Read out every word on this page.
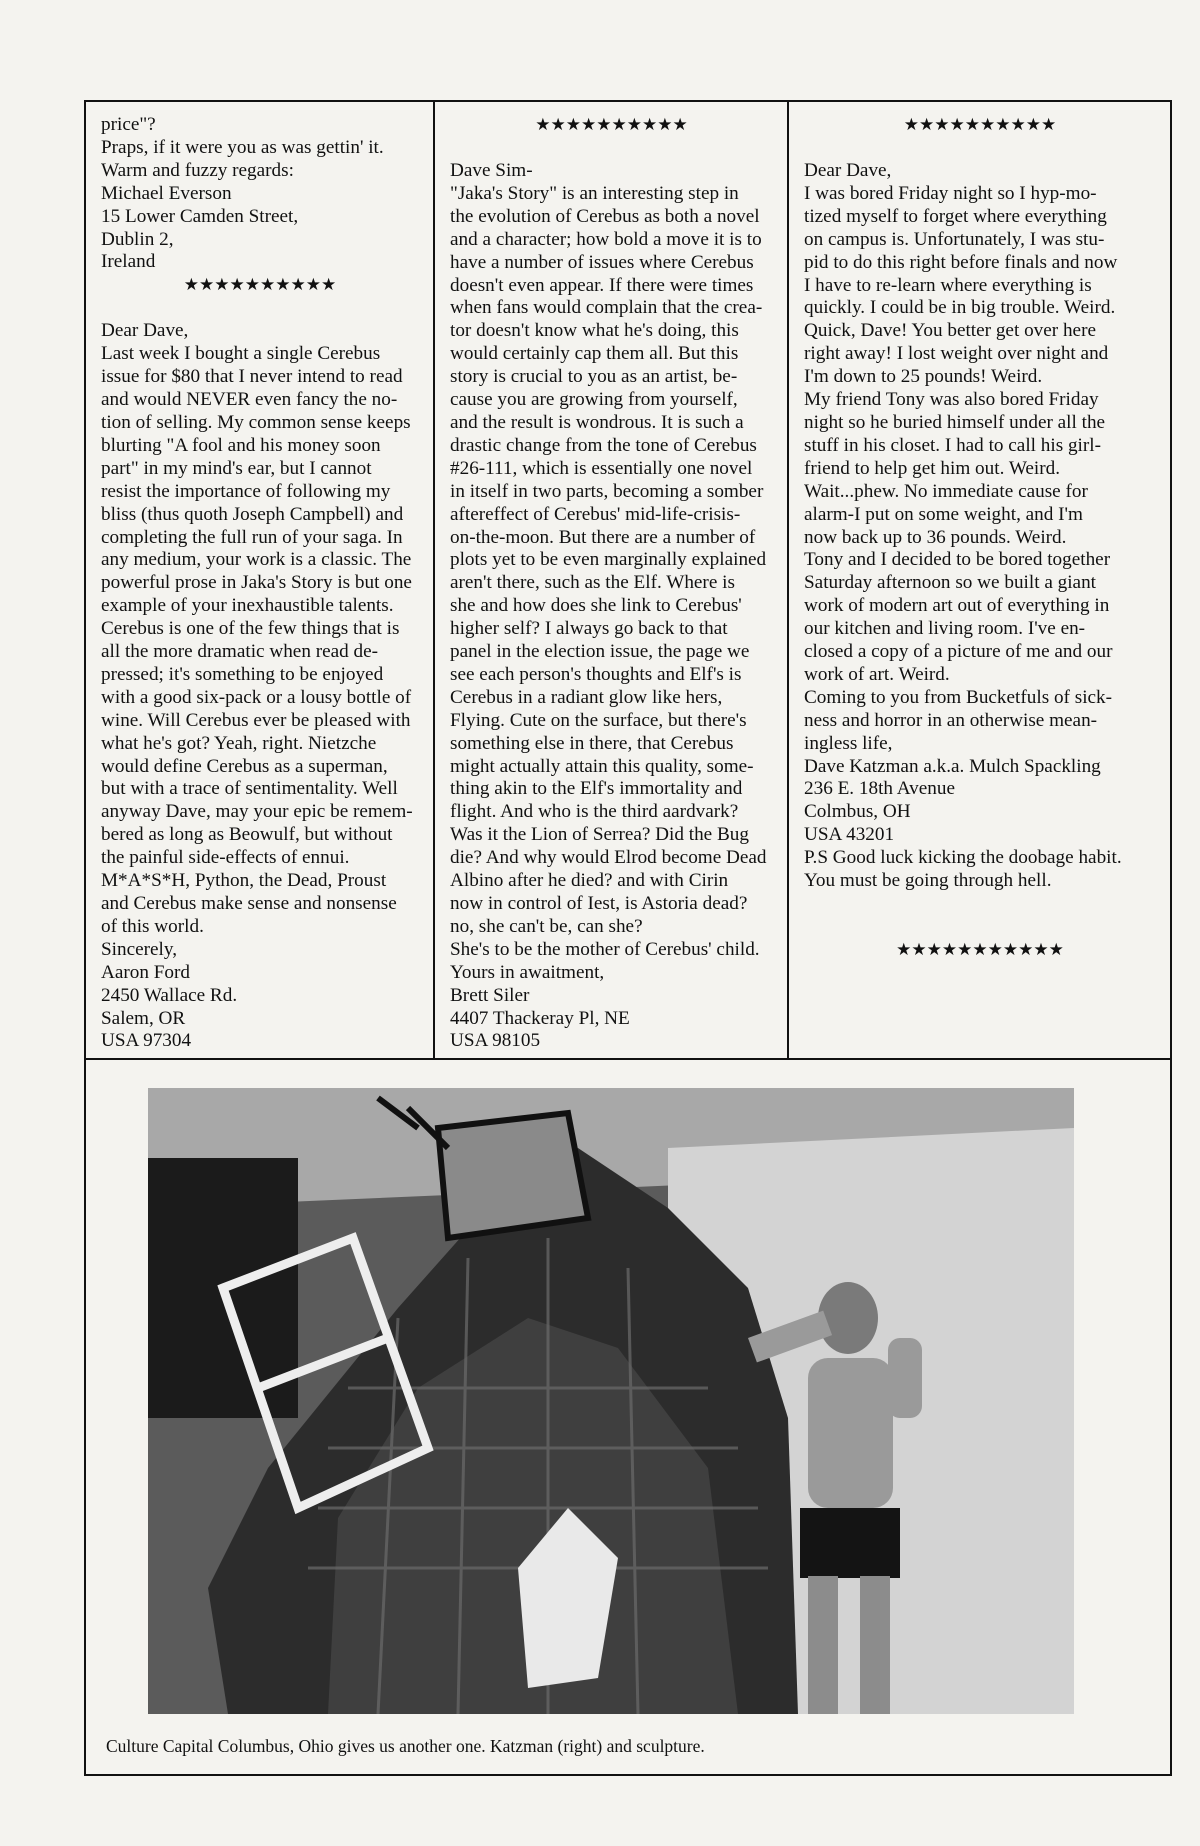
price"?
Praps, if it were you as was gettin' it.
Warm and fuzzy regards:
Michael Everson
15 Lower Camden Street,
Dublin 2,
Ireland
★★★★★★★★★★
Dear Dave,
Last week I bought a single Cerebus
issue for $80 that I never intend to read
and would NEVER even fancy the no-
tion of selling. My common sense keeps
blurting "A fool and his money soon
part" in my mind's ear, but I cannot
resist the importance of following my
bliss (thus quoth Joseph Campbell) and
completing the full run of your saga. In
any medium, your work is a classic. The
powerful prose in Jaka's Story is but one
example of your inexhaustible talents.
Cerebus is one of the few things that is
all the more dramatic when read de-
pressed; it's something to be enjoyed
with a good six-pack or a lousy bottle of
wine. Will Cerebus ever be pleased with
what he's got? Yeah, right. Nietzche
would define Cerebus as a superman,
but with a trace of sentimentality. Well
anyway Dave, may your epic be remem-
bered as long as Beowulf, but without
the painful side-effects of ennui.
M*A*S*H, Python, the Dead, Proust
and Cerebus make sense and nonsense
of this world.
Sincerely,
Aaron Ford
2450 Wallace Rd.
Salem, OR
USA 97304
★★★★★★★★★★
Dave Sim-
"Jaka's Story" is an interesting step in
the evolution of Cerebus as both a novel
and a character; how bold a move it is to
have a number of issues where Cerebus
doesn't even appear. If there were times
when fans would complain that the crea-
tor doesn't know what he's doing, this
would certainly cap them all. But this
story is crucial to you as an artist, be-
cause you are growing from yourself,
and the result is wondrous. It is such a
drastic change from the tone of Cerebus
#26-111, which is essentially one novel
in itself in two parts, becoming a somber
aftereffect of Cerebus' mid-life-crisis-
on-the-moon. But there are a number of
plots yet to be even marginally explained
aren't there, such as the Elf. Where is
she and how does she link to Cerebus'
higher self? I always go back to that
panel in the election issue, the page we
see each person's thoughts and Elf's is
Cerebus in a radiant glow like hers,
Flying. Cute on the surface, but there's
something else in there, that Cerebus
might actually attain this quality, some-
thing akin to the Elf's immortality and
flight. And who is the third aardvark?
Was it the Lion of Serrea? Did the Bug
die? And why would Elrod become Dead
Albino after he died? and with Cirin
now in control of Iest, is Astoria dead?
no, she can't be, can she?
She's to be the mother of Cerebus' child.
Yours in awaitment,
Brett Siler
4407 Thackeray Pl, NE
USA 98105
★★★★★★★★★★
Dear Dave,
I was bored Friday night so I hyp-mo-
tized myself to forget where everything
on campus is. Unfortunately, I was stu-
pid to do this right before finals and now
I have to re-learn where everything is
quickly. I could be in big trouble. Weird.
Quick, Dave! You better get over here
right away! I lost weight over night and
I'm down to 25 pounds! Weird.
My friend Tony was also bored Friday
night so he buried himself under all the
stuff in his closet. I had to call his girl-
friend to help get him out. Weird.
Wait...phew. No immediate cause for
alarm-I put on some weight, and I'm
now back up to 36 pounds. Weird.
Tony and I decided to be bored together
Saturday afternoon so we built a giant
work of modern art out of everything in
our kitchen and living room. I've en-
closed a copy of a picture of me and our
work of art. Weird.
Coming to you from Bucketfuls of sick-
ness and horror in an otherwise mean-
ingless life,
Dave Katzman a.k.a. Mulch Spackling
236 E. 18th Avenue
Colmbus, OH
USA 43201
P.S Good luck kicking the doobage habit.
You must be going through hell.
★★★★★★★★★★★
Culture Capital Columbus, Ohio gives us another one. Katzman (right) and sculpture.
